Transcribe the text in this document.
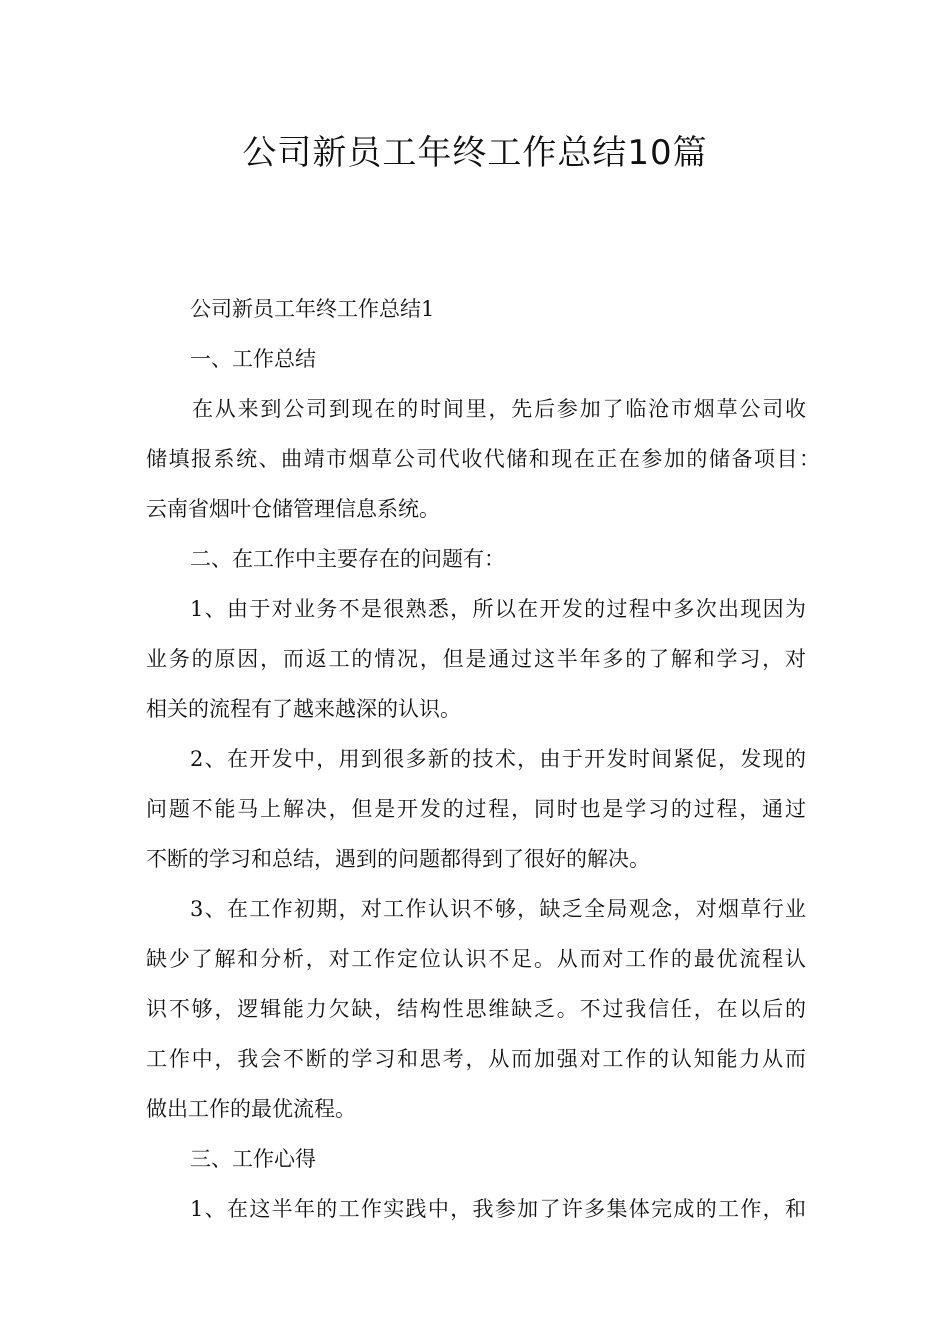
公司新员工年终工作总结10篇

公司新员工年终工作总结1

一、工作总结

在从来到公司到现在的时间里，先后参加了临沧市烟草公司收

储填报系统、曲靖市烟草公司代收代储和现在正在参加的储备项目：

云南省烟叶仓储管理信息系统。

二、在工作中主要存在的问题有：

1、由于对业务不是很熟悉，所以在开发的过程中多次出现因为

业务的原因，而返工的情况，但是通过这半年多的了解和学习，对

相关的流程有了越来越深的认识。

2、在开发中，用到很多新的技术，由于开发时间紧促，发现的

问题不能马上解决，但是开发的过程，同时也是学习的过程，通过

不断的学习和总结，遇到的问题都得到了很好的解决。

3、在工作初期，对工作认识不够，缺乏全局观念，对烟草行业

缺少了解和分析，对工作定位认识不足。从而对工作的最优流程认

识不够，逻辑能力欠缺，结构性思维缺乏。不过我信任，在以后的

工作中，我会不断的学习和思考，从而加强对工作的认知能力从而

做出工作的最优流程。

三、工作心得

1、在这半年的工作实践中，我参加了许多集体完成的工作，和
